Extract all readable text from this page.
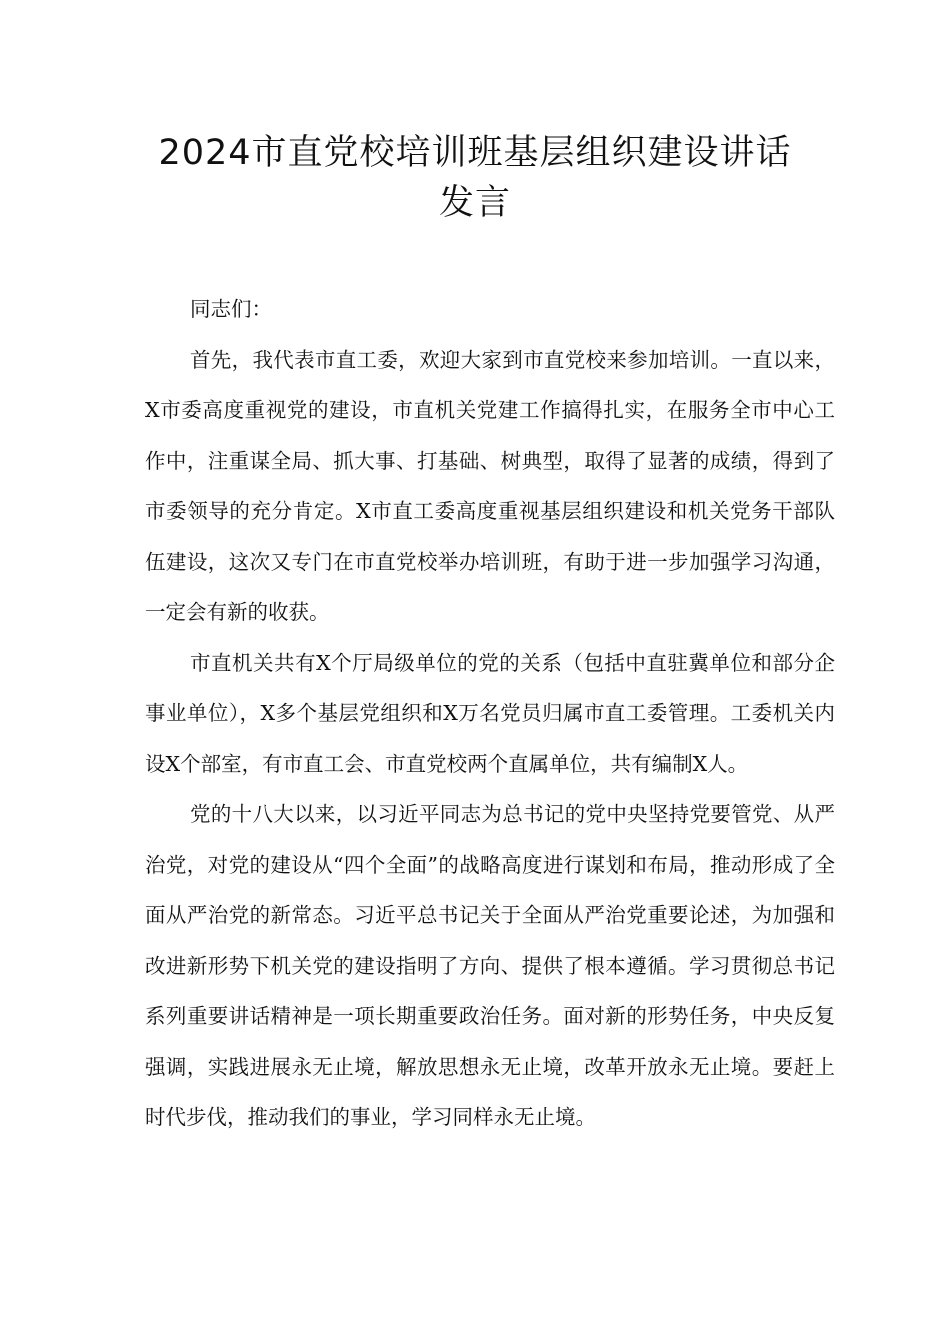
2024市直党校培训班基层组织建设讲话
发言

同志们：

首先，我代表市直工委，欢迎大家到市直党校来参加培训。一直以来，X市委高度重视党的建设，市直机关党建工作搞得扎实，在服务全市中心工作中，注重谋全局、抓大事、打基础、树典型，取得了显著的成绩，得到了市委领导的充分肯定。X市直工委高度重视基层组织建设和机关党务干部队伍建设，这次又专门在市直党校举办培训班，有助于进一步加强学习沟通，一定会有新的收获。

市直机关共有X个厅局级单位的党的关系（包括中直驻冀单位和部分企事业单位），X多个基层党组织和X万名党员归属市直工委管理。工委机关内设X个部室，有市直工会、市直党校两个直属单位，共有编制X人。

党的十八大以来，以习近平同志为总书记的党中央坚持党要管党、从严治党，对党的建设从“四个全面”的战略高度进行谋划和布局，推动形成了全面从严治党的新常态。习近平总书记关于全面从严治党重要论述，为加强和改进新形势下机关党的建设指明了方向、提供了根本遵循。学习贯彻总书记系列重要讲话精神是一项长期重要政治任务。面对新的形势任务，中央反复强调，实践进展永无止境，解放思想永无止境，改革开放永无止境。要赶上时代步伐，推动我们的事业，学习同样永无止境。
